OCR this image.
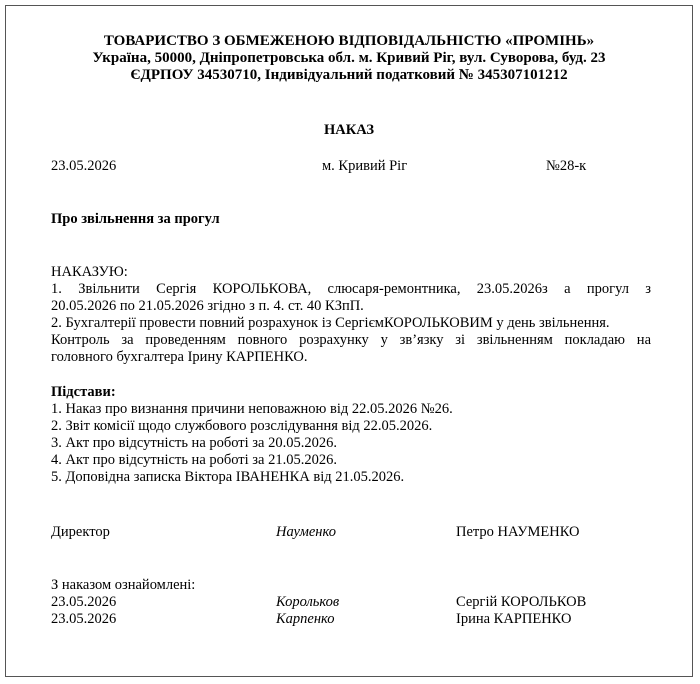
ТОВАРИСТВО З ОБМЕЖЕНОЮ ВІДПОВІДАЛЬНІСТЮ «ПРОМІНЬ»
Україна, 50000, Дніпропетровська обл. м. Кривий Ріг, вул. Суворова, буд. 23
ЄДРПОУ 34530710, Індивідуальний податковий № 345307101212
НАКАЗ
23.05.2026	м. Кривий Ріг	№28-к
Про звільнення за прогул
НАКАЗУЮ:
1. Звільнити Сергія КОРОЛЬКОВА, слюсаря-ремонтника, 23.05.2026з а прогул з
20.05.2026 по 21.05.2026 згідно з п. 4. ст. 40 КЗпП.
2. Бухгалтерії провести повний розрахунок із СергіємКОРОЛЬКОВИМ у день звільнення.
Контроль за проведенням повного розрахунку у зв’язку зі звільненням покладаю на
головного бухгалтера Ірину КАРПЕНКО.
Підстави:
1. Наказ про визнання причини неповажною від 22.05.2026 №26.
2. Звіт комісії щодо службового розслідування від 22.05.2026.
3. Акт про відсутність на роботі за 20.05.2026.
4. Акт про відсутність на роботі за 21.05.2026.
5. Доповідна записка Віктора ІВАНЕНКА від 21.05.2026.
Директор	Науменко	Петро НАУМЕНКО
З наказом ознайомлені:
23.05.2026	Корольков	Сергій КОРОЛЬКОВ
23.05.2026	Карпенко	Ірина КАРПЕНКО
